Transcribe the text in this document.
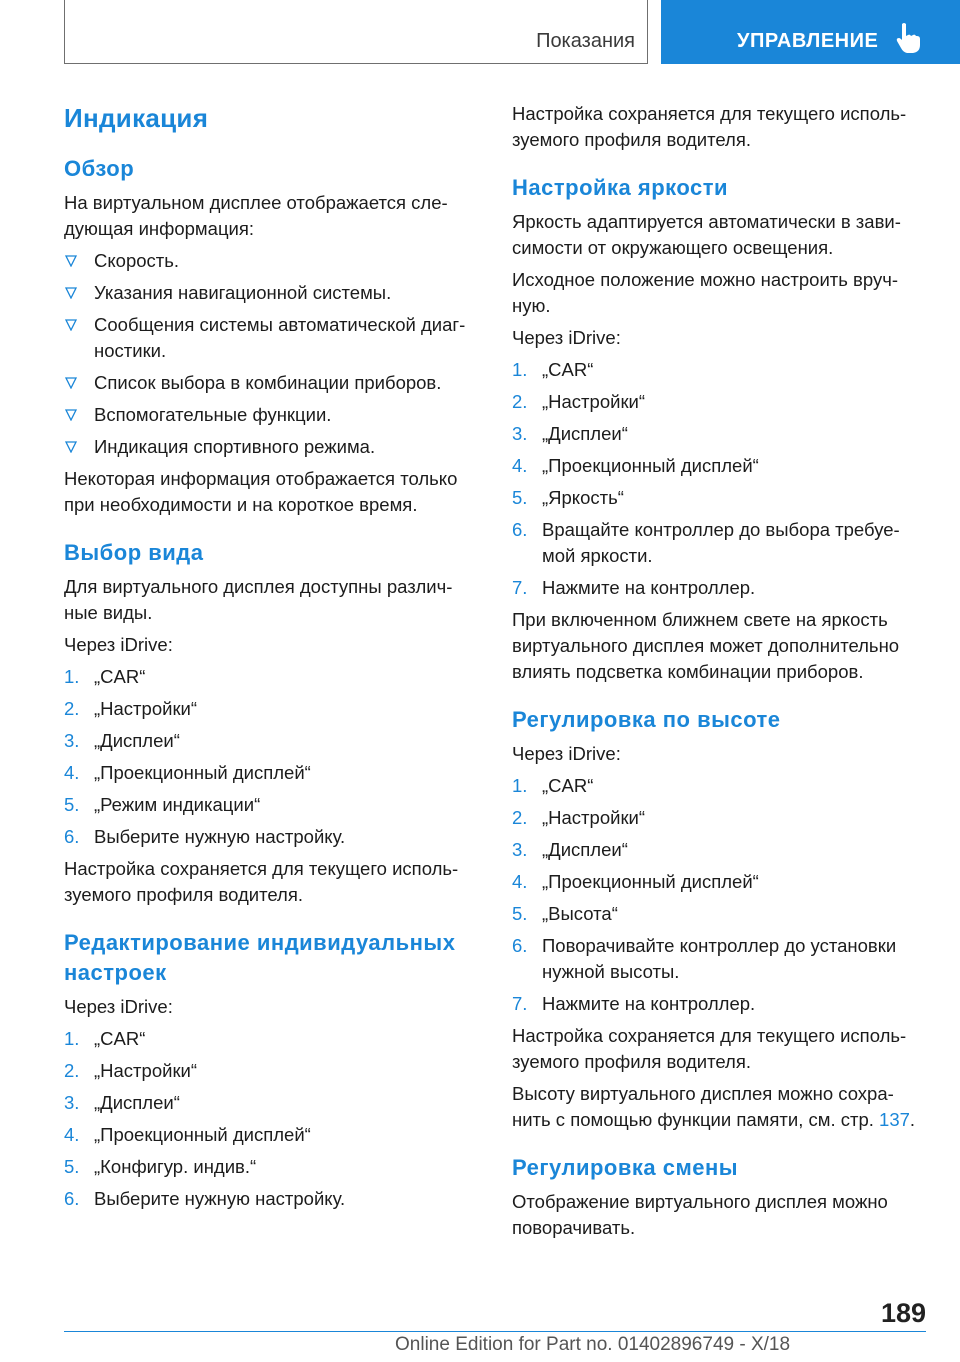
Показания	УПРАВЛЕНИЕ
Индикация
Обзор

На виртуальном дисплее отображается сле-дующая информация:

Скорость.
Указания навигационной системы.
Сообщения системы автоматической диаг-ностики.
Список выбора в комбинации приборов.
Вспомогательные функции.
Индикация спортивного режима.

Некоторая информация отображается только при необходимости и на короткое время.

Выбор вида

Для виртуального дисплея доступны различ-ные виды.

Через iDrive:

1. „CAR“
2. „Настройки“
3. „Дисплеи“
4. „Проекционный дисплей“
5. „Режим индикации“
6. Выберите нужную настройку.

Настройка сохраняется для текущего исполь-зуемого профиля водителя.

Редактирование индивидуальных настроек

Через iDrive:

1. „CAR“
2. „Настройки“
3. „Дисплеи“
4. „Проекционный дисплей“
5. „Конфигур. индив.“
6. Выберите нужную настройку.

Настройка сохраняется для текущего исполь-зуемого профиля водителя.

Настройка яркости

Яркость адаптируется автоматически в зави-симости от окружающего освещения.

Исходное положение можно настроить вруч-ную.

Через iDrive:

1. „CAR“
2. „Настройки“
3. „Дисплеи“
4. „Проекционный дисплей“
5. „Яркость“
6. Вращайте контроллер до выбора требуе-мой яркости.
7. Нажмите на контроллер.

При включенном ближнем свете на яркость виртуального дисплея может дополнительно влиять подсветка комбинации приборов.

Регулировка по высоте

Через iDrive:

1. „CAR“
2. „Настройки“
3. „Дисплеи“
4. „Проекционный дисплей“
5. „Высота“
6. Поворачивайте контроллер до установки нужной высоты.
7. Нажмите на контроллер.

Настройка сохраняется для текущего исполь-зуемого профиля водителя.

Высоту виртуального дисплея можно сохра-нить с помощью функции памяти, см. стр. 137.

Регулировка смены

Отображение виртуального дисплея можно поворачивать.

189
Online Edition for Part no. 01402896749 - X/18
